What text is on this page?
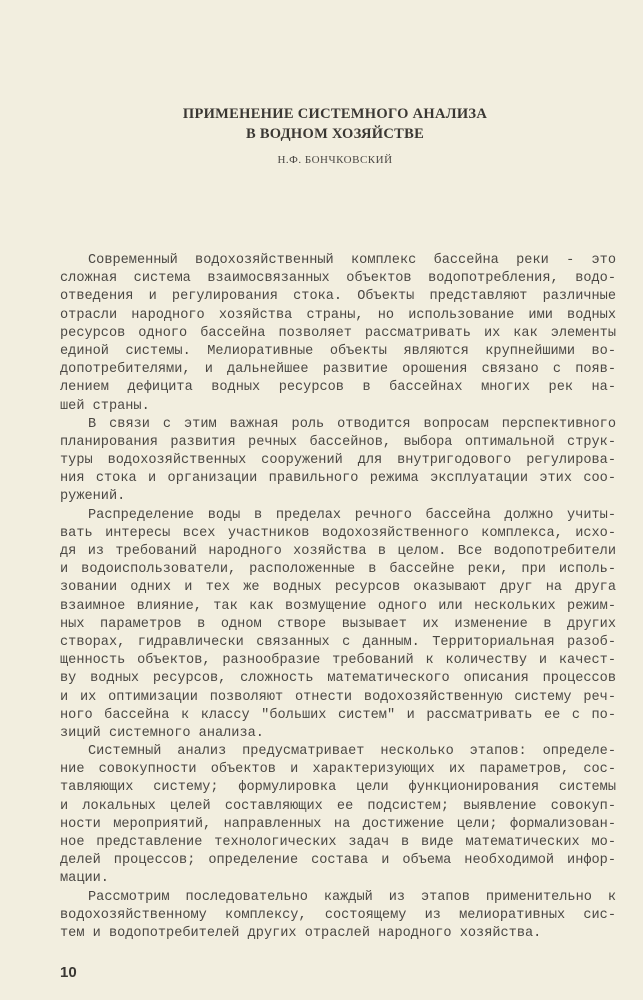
ПРИМЕНЕНИЕ СИСТЕМНОГО АНАЛИЗА
В ВОДНОМ ХОЗЯЙСТВЕ
Н.Ф. БОНЧКОВСКИЙ
Современный водохозяйственный комплекс бассейна реки - это
сложная система взаимосвязанных объектов водопотребления, водо-
отведения и регулирования стока. Объекты представляют различные
отрасли народного хозяйства страны, но использование ими водных
ресурсов одного бассейна позволяет рассматривать их как элементы
единой системы. Мелиоративные объекты являются крупнейшими во-
допотребителями, и дальнейшее развитие орошения связано с появ-
лением дефицита водных ресурсов в бассейнах многих рек на-
шей страны.
В связи с этим важная роль отводится вопросам перспективного
планирования развития речных бассейнов, выбора оптимальной струк-
туры водохозяйственных сооружений для внутригодового регулирова-
ния стока и организации правильного режима эксплуатации этих соо-
ружений.
Распределение воды в пределах речного бассейна должно учиты-
вать интересы всех участников водохозяйственного комплекса, исхо-
дя из требований народного хозяйства в целом. Все водопотребители
и водоиспользователи, расположенные в бассейне реки, при исполь-
зовании одних и тех же водных ресурсов оказывают друг на друга
взаимное влияние, так как возмущение одного или нескольких режим-
ных параметров в одном створе вызывает их изменение в других
створах, гидравлически связанных с данным. Территориальная разоб-
щенность объектов, разнообразие требований к количеству и качест-
ву водных ресурсов, сложность математического описания процессов
и их оптимизации позволяют отнести водохозяйственную систему реч-
ного бассейна к классу "больших систем" и рассматривать ее с по-
зиций системного анализа.
Системный анализ предусматривает несколько этапов: определе-
ние совокупности объектов и характеризующих их параметров, сос-
тавляющих систему; формулировка цели функционирования системы
и локальных целей составляющих ее подсистем; выявление совокуп-
ности мероприятий, направленных на достижение цели; формализован-
ное представление технологических задач в виде математических мо-
делей процессов; определение состава и объема необходимой инфор-
мации.
Рассмотрим последовательно каждый из этапов применительно к
водохозяйственному комплексу, состоящему из мелиоративных сис-
тем и водопотребителей других отраслей народного хозяйства.
10
